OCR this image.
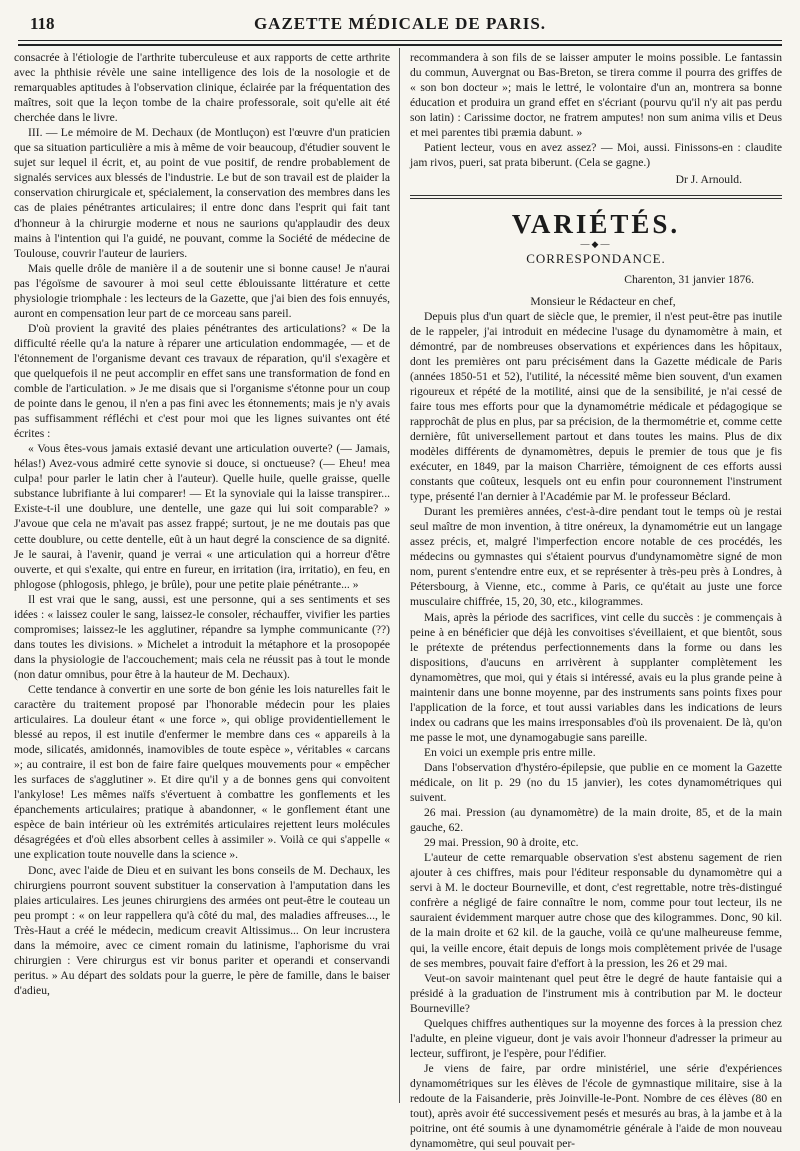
118	GAZETTE MÉDICALE DE PARIS.

consacrée à l'étiologie de l'arthrite tuberculeuse et aux rapports de cette arthrite avec la phthisie révèle une saine intelligence des lois de la nosologie et de remarquables aptitudes à l'observation clinique, éclairée par la fréquentation des maîtres, soit que la leçon tombe de la chaire professorale, soit qu'elle ait été cherchée dans le livre.

III. — Le mémoire de M. Dechaux (de Montluçon) est l'œuvre d'un praticien que sa situation particulière a mis à même de voir beaucoup, d'étudier souvent le sujet sur lequel il écrit, et, au point de vue positif, de rendre probablement de signalés services aux blessés de l'industrie. Le but de son travail est de plaider la conservation chirurgicale et, spécialement, la conservation des membres dans les cas de plaies pénétrantes articulaires; il entre donc dans l'esprit qui fait tant d'honneur à la chirurgie moderne et nous ne saurions qu'applaudir des deux mains à l'intention qui l'a guidé, ne pouvant, comme la Société de médecine de Toulouse, couvrir l'auteur de lauriers.

Mais quelle drôle de manière il a de soutenir une si bonne cause! Je n'aurai pas l'égoïsme de savourer à moi seul cette éblouissante littérature et cette physiologie triomphale : les lecteurs de la Gazette, que j'ai bien des fois ennuyés, auront en compensation leur part de ce morceau sans pareil.

D'où provient la gravité des plaies pénétrantes des articulations? « De la difficulté réelle qu'a la nature à réparer une articulation endommagée, — et de l'étonnement de l'organisme devant ces travaux de réparation, qu'il s'exagère et que quelquefois il ne peut accomplir en effet sans une transformation de fond en comble de l'articulation. » Je me disais que si l'organisme s'étonne pour un coup de pointe dans le genou, il n'en a pas fini avec les étonnements; mais je n'y avais pas suffisamment réfléchi et c'est pour moi que les lignes suivantes ont été écrites :

« Vous êtes-vous jamais extasié devant une articulation ouverte? (— Jamais, hélas!) Avez-vous admiré cette synovie si douce, si onctueuse? (— Eheu! mea culpa! pour parler le latin cher à l'auteur). Quelle huile, quelle graisse, quelle substance lubrifiante à lui comparer! — Et la synoviale qui la laisse transpirer... Existe-t-il une doublure, une dentelle, une gaze qui lui soit comparable? » J'avoue que cela ne m'avait pas assez frappé; surtout, je ne me doutais pas que cette doublure, ou cette dentelle, eût à un haut degré la conscience de sa dignité. Je le saurai, à l'avenir, quand je verrai « une articulation qui a horreur d'être ouverte, et qui s'exalte, qui entre en fureur, en irritation (ira, irritatio), en feu, en phlogose (phlogosis, phlego, je brûle), pour une petite plaie pénétrante... »

Il est vrai que le sang, aussi, est une personne, qui a ses sentiments et ses idées : « laissez couler le sang, laissez-le consoler, réchauffer, vivifier les parties compromises; laissez-le les agglutiner, répandre sa lymphe communicante (??) dans toutes les divisions. » Michelet a introduit la métaphore et la prosopopée dans la physiologie de l'accouchement; mais cela ne réussit pas à tout le monde (non datur omnibus, pour être à la hauteur de M. Dechaux).

Cette tendance à convertir en une sorte de bon génie les lois naturelles fait le caractère du traitement proposé par l'honorable médecin pour les plaies articulaires. La douleur étant « une force », qui oblige providentiellement le blessé au repos, il est inutile d'enfermer le membre dans ces « appareils à la mode, silicatés, amidonnés, inamovibles de toute espèce », véritables « carcans »; au contraire, il est bon de faire faire quelques mouvements pour « empêcher les surfaces de s'agglutiner ». Et dire qu'il y a de bonnes gens qui convoitent l'ankylose! Les mêmes naïfs s'évertuent à combattre les gonflements et les épanchements articulaires; pratique à abandonner, « le gonflement étant une espèce de bain intérieur où les extrémités articulaires rejettent leurs molécules désagrégées et d'où elles absorbent celles à assimiler ». Voilà ce qui s'appelle « une explication toute nouvelle dans la science ».

Donc, avec l'aide de Dieu et en suivant les bons conseils de M. Dechaux, les chirurgiens pourront souvent substituer la conservation à l'amputation dans les plaies articulaires. Les jeunes chirurgiens des armées ont peut-être le couteau un peu prompt : « on leur rappellera qu'à côté du mal, des maladies affreuses..., le Très-Haut a créé le médecin, medicum creavit Altissimus... On leur incrustera dans la mémoire, avec ce ciment romain du latinisme, l'aphorisme du vrai chirurgien : Vere chirurgus est vir bonus pariter et operandi et conservandi peritus. » Au départ des soldats pour la guerre, le père de famille, dans le baiser d'adieu,

recommandera à son fils de se laisser amputer le moins possible. Le fantassin du commun, Auvergnat ou Bas-Breton, se tirera comme il pourra des griffes de « son bon docteur »; mais le lettré, le volontaire d'un an, montrera sa bonne éducation et produira un grand effet en s'écriant (pourvu qu'il n'y ait pas perdu son latin) : Carissime doctor, ne fratrem amputes! non sum anima vilis et Deus et mei parentes tibi præmia dabunt. »

Patient lecteur, vous en avez assez? — Moi, aussi. Finissons-en : claudite jam rivos, pueri, sat prata biberunt. (Cela se gagne.)

Dr J. Arnould.
VARIÉTÉS.
—◆—
CORRESPONDANCE.
Charenton, 31 janvier 1876.

Monsieur le Rédacteur en chef,

Depuis plus d'un quart de siècle que, le premier, il n'est peut-être pas inutile de le rappeler, j'ai introduit en médecine l'usage du dynamomètre à main, et démontré, par de nombreuses observations et expériences dans les hôpitaux, dont les premières ont paru précisément dans la Gazette médicale de Paris (années 1850-51 et 52), l'utilité, la nécessité même bien souvent, d'un examen rigoureux et répété de la motilité, ainsi que de la sensibilité, je n'ai cessé de faire tous mes efforts pour que la dynamométrie médicale et pédagogique se rapprochât de plus en plus, par sa précision, de la thermométrie et, comme cette dernière, fût universellement partout et dans toutes les mains. Plus de dix modèles différents de dynamomètres, depuis le premier de tous que je fis exécuter, en 1849, par la maison Charrière, témoignent de ces efforts aussi constants que coûteux, lesquels ont eu enfin pour couronnement l'instrument type, présenté l'an dernier à l'Académie par M. le professeur Béclard.

Durant les premières années, c'est-à-dire pendant tout le temps où je restai seul maître de mon invention, à titre onéreux, la dynamométrie eut un langage assez précis, et, malgré l'imperfection encore notable de ces procédés, les médecins ou gymnastes qui s'étaient pourvus d'undynamomètre signé de mon nom, purent s'entendre entre eux, et se représenter à très-peu près à Londres, à Pétersbourg, à Vienne, etc., comme à Paris, ce qu'était au juste une force musculaire chiffrée, 15, 20, 30, etc., kilogrammes.

Mais, après la période des sacrifices, vint celle du succès : je commençais à peine à en bénéficier que déjà les convoitises s'éveillaient, et que bientôt, sous le prétexte de prétendus perfectionnements dans la forme ou dans les dispositions, d'aucuns en arrivèrent à supplanter complètement les dynamomètres, que moi, qui y étais si intéressé, avais eu la plus grande peine à maintenir dans une bonne moyenne, par des instruments sans points fixes pour l'application de la force, et tout aussi variables dans les indications de leurs index ou cadrans que les mains irresponsables d'où ils provenaient. De là, qu'on me passe le mot, une dynamogabugie sans pareille.

En voici un exemple pris entre mille.

Dans l'observation d'hystéro-épilepsie, que publie en ce moment la Gazette médicale, on lit p. 29 (no du 15 janvier), les cotes dynamométriques qui suivent.

26 mai. Pression (au dynamomètre) de la main droite, 85, et de la main gauche, 62.

29 mai. Pression, 90 à droite, etc.

L'auteur de cette remarquable observation s'est abstenu sagement de rien ajouter à ces chiffres, mais pour l'éditeur responsable du dynamomètre qui a servi à M. le docteur Bourneville, et dont, c'est regrettable, notre très-distingué confrère a négligé de faire connaître le nom, comme pour tout lecteur, ils ne sauraient évidemment marquer autre chose que des kilogrammes. Donc, 90 kil. de la main droite et 62 kil. de la gauche, voilà ce qu'une malheureuse femme, qui, la veille encore, était depuis de longs mois complètement privée de l'usage de ses membres, pouvait faire d'effort à la pression, les 26 et 29 mai.

Veut-on savoir maintenant quel peut être le degré de haute fantaisie qui a présidé à la graduation de l'instrument mis à contribution par M. le docteur Bourneville?

Quelques chiffres authentiques sur la moyenne des forces à la pression chez l'adulte, en pleine vigueur, dont je vais avoir l'honneur d'adresser la primeur au lecteur, suffiront, je l'espère, pour l'édifier.

Je viens de faire, par ordre ministériel, une série d'expériences dynamométriques sur les élèves de l'école de gymnastique militaire, sise à la redoute de la Faisanderie, près Joinville-le-Pont. Nombre de ces élèves (80 en tout), après avoir été successivement pesés et mesurés au bras, à la jambe et à la poitrine, ont été soumis à une dynamométrie générale à l'aide de mon nouveau dynamomètre, qui seul pouvait per-
